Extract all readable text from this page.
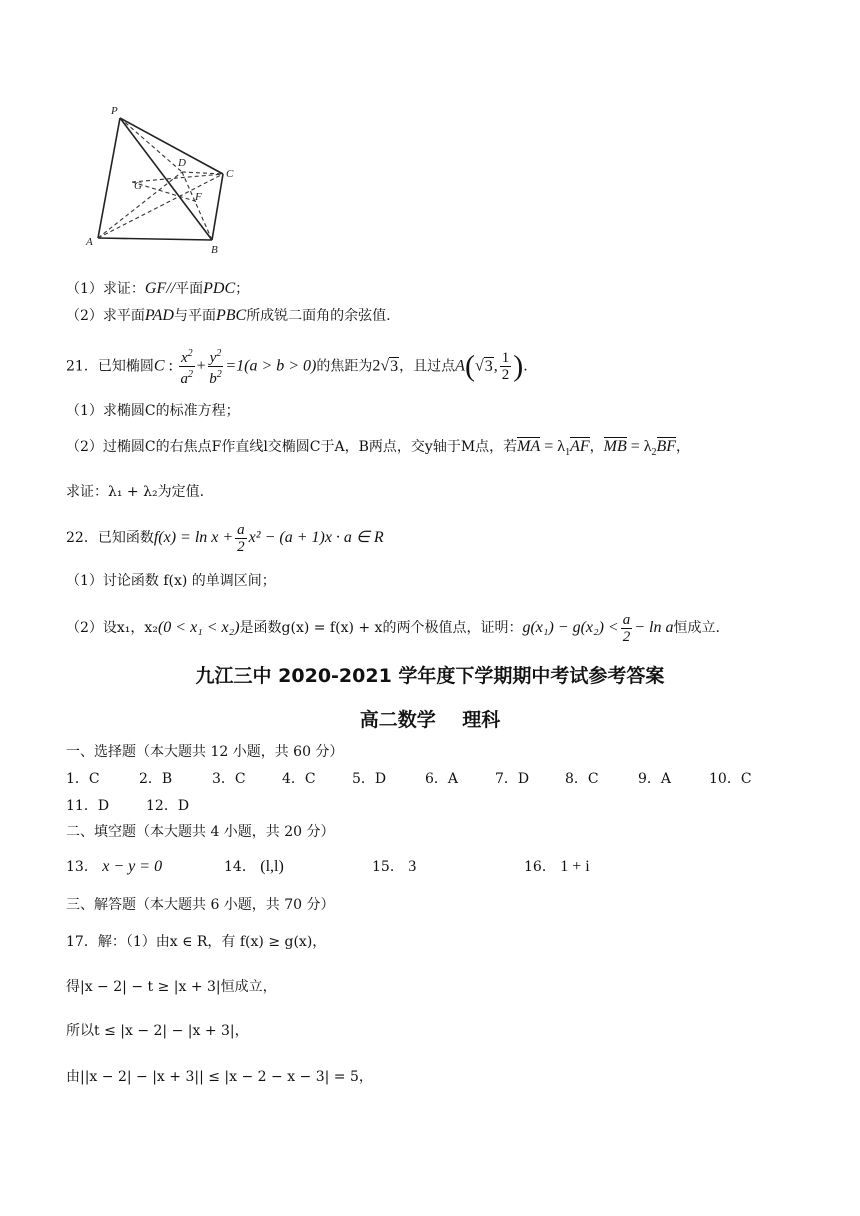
P
D
C
G
F
A
B
（1）求证：GF//平面PDC；
（2）求平面PAD与平面PBC所成锐二面角的余弦值.
21．已知椭圆C : $\frac{x^2}{a^2} + \frac{y^2}{b^2} =1(a > b > 0)$的焦距为2√3，且过点A(√3, $\frac{1}{2}$ ).
（1）求椭圆C的标准方程；
（2）过椭圆C的右焦点F作直线l交椭圆C于A，B两点，交y轴于M点，若MA = $\lambda_1AF$，MB = $\lambda_2BF$，
求证：λ₁ + λ₂为定值.
22．已知函数$f(x) = \ln x + \frac{a}{2} x^2 - (a + 1)x \cdot a$ ∈ R
（1）讨论函数 f(x) 的单调区间；
（2）设x₁，x₂(0 < x₁ < x₂)是函数g(x) = f(x) + x的两个极值点，证明：$g(x_1) - g(x_2) < \frac{a}{2} - \ln a$恒成立.
九江三中 2020-2021 学年度下学期期中考试参考答案
高二数学    理科
一、选择题（本大题共 12 小题，共 60 分）
1．C	2．B	3．C	4．C	5．D	6．A	7．D	8．C	9．A	10．C
11．D	12．D
二、填空题（本大题共 4 小题，共 20 分）
13． x − y = 0	14． (l,l)	15． 3	16． 1 + i
三、解答题（本大题共 6 小题，共 70 分）
17．解：（1）由x ∈ R，有 f(x) ≥ g(x)，
得|x − 2| − t ≥ |x + 3|恒成立，
所以t ≤ |x − 2| − |x + 3|，
由||x − 2| − |x + 3|| ≤ |x − 2 − x − 3| = 5，
